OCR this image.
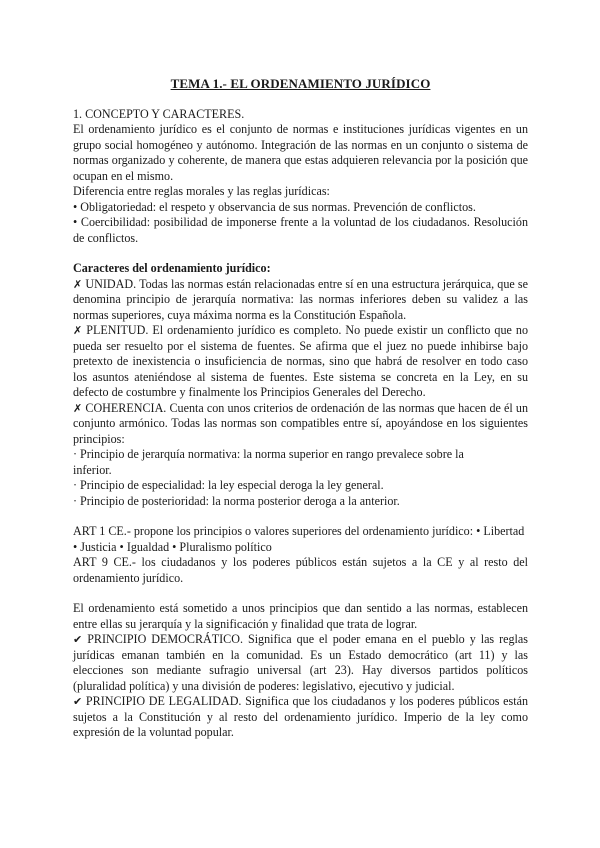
TEMA 1.- EL ORDENAMIENTO JURÍDICO

1. CONCEPTO Y CARACTERES.

El ordenamiento jurídico es el conjunto de normas e instituciones jurídicas vigentes en un grupo social homogéneo y autónomo. Integración de las normas en un conjunto o sistema de normas organizado y coherente, de manera que estas adquieren relevancia por la posición que ocupan en el mismo.

Diferencia entre reglas morales y las reglas jurídicas:

• Obligatoriedad: el respeto y observancia de sus normas. Prevención de conflictos.

• Coercibilidad: posibilidad de imponerse frente a la voluntad de los ciudadanos. Resolución de conflictos.

Caracteres del ordenamiento jurídico:

✗ UNIDAD. Todas las normas están relacionadas entre sí en una estructura jerárquica, que se denomina principio de jerarquía normativa: las normas inferiores deben su validez a las normas superiores, cuya máxima norma es la Constitución Española.

✗ PLENITUD. El ordenamiento jurídico es completo. No puede existir un conflicto que no pueda ser resuelto por el sistema de fuentes. Se afirma que el juez no puede inhibirse bajo pretexto de inexistencia o insuficiencia de normas, sino que habrá de resolver en todo caso los asuntos ateniéndose al sistema de fuentes. Este sistema se concreta en la Ley, en su defecto de costumbre y finalmente los Principios Generales del Derecho.

✗ COHERENCIA. Cuenta con unos criterios de ordenación de las normas que hacen de él un conjunto armónico. Todas las normas son compatibles entre sí, apoyándose en los siguientes principios:

· Principio de jerarquía normativa: la norma superior en rango prevalece sobre la

inferior.

· Principio de especialidad: la ley especial deroga la ley general.

· Principio de posterioridad: la norma posterior deroga a la anterior.

ART 1 CE.- propone los principios o valores superiores del ordenamiento jurídico: • Libertad

• Justicia • Igualdad • Pluralismo político

ART 9 CE.- los ciudadanos y los poderes públicos están sujetos a la CE y al resto del ordenamiento jurídico.

El ordenamiento está sometido a unos principios que dan sentido a las normas, establecen entre ellas su jerarquía y la significación y finalidad que trata de lograr.

✔ PRINCIPIO DEMOCRÁTICO. Significa que el poder emana en el pueblo y las reglas jurídicas emanan también en la comunidad. Es un Estado democrático (art 11) y las elecciones son mediante sufragio universal (art 23). Hay diversos partidos políticos (pluralidad política) y una división de poderes: legislativo, ejecutivo y judicial.

✔ PRINCIPIO DE LEGALIDAD. Significa que los ciudadanos y los poderes públicos están sujetos a la Constitución y al resto del ordenamiento jurídico. Imperio de la ley como expresión de la voluntad popular.
